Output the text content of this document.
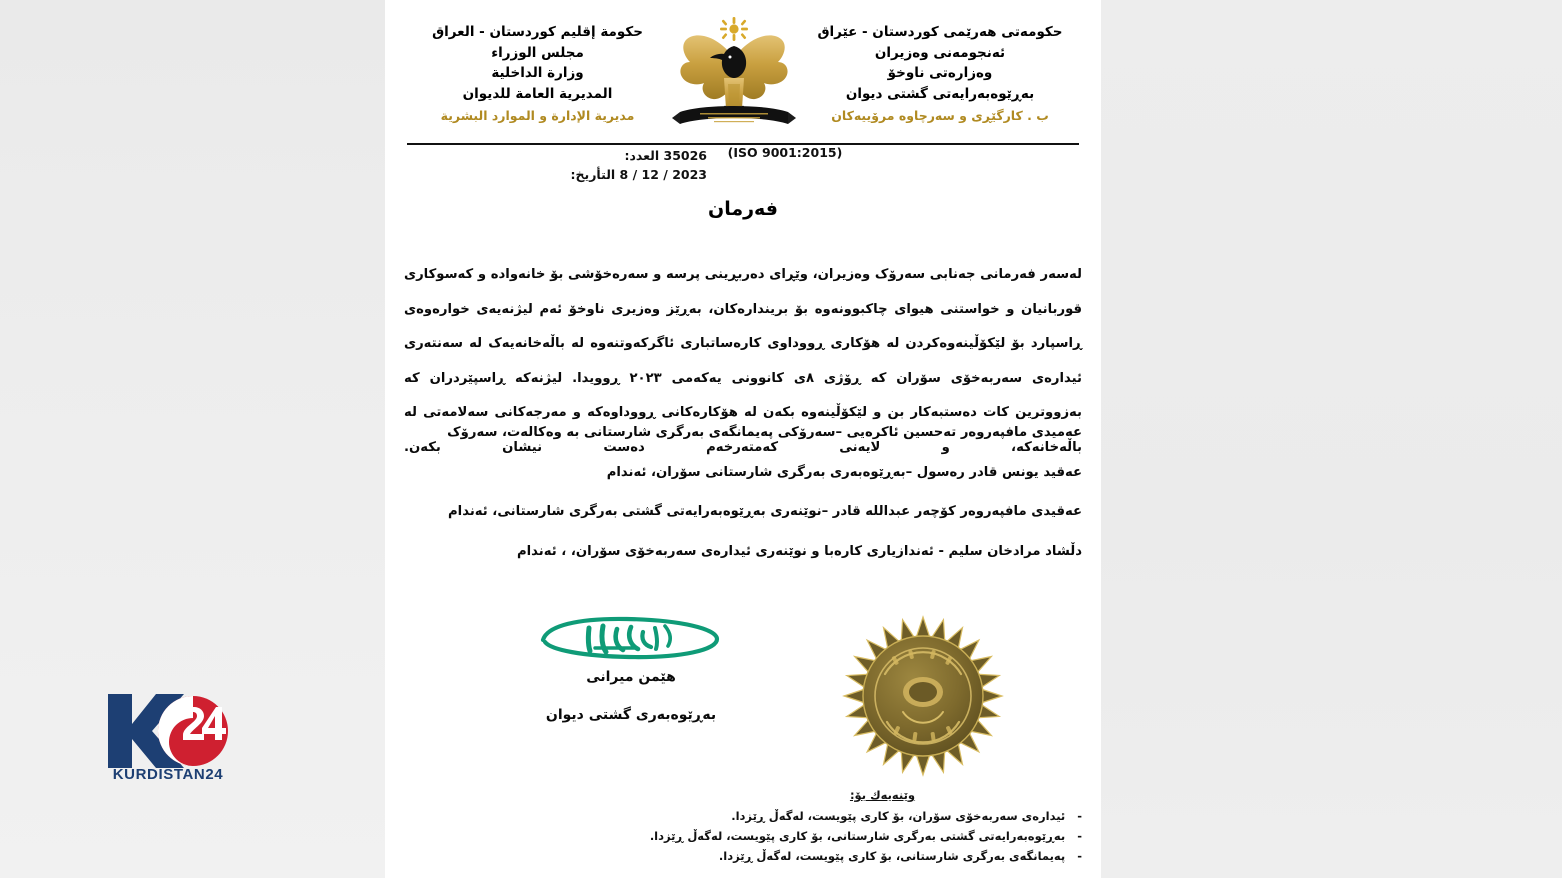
حكومة إقليم كوردستان - العراق
مجلس الوزراء
وزارة الداخلية
المديرية العامة للديوان
مديرية الإدارة و الموارد البشرية
حکومەتی هەرێمی کوردستان - عێراق
ئەنجومەنی وەزیران
وەزارەتی ناوخۆ
بەڕێوەبەرایەتی گشتی دیوان
ب . کارگێڕی و سەرچاوە مرۆییەکان
35026 العدد:
2023 / 12 / 8 التأريخ:
(ISO 9001:2015)
فەرمان

لەسەر فەرمانی جەنابی سەرۆک وەزیران، وێڕای دەربڕینی پرسە و سەرەخۆشی بۆ خانەوادە و کەسوکاری قوربانیان و خواستنی هیوای چاکبوونەوە بۆ بریندارەکان، بەڕێز وەزیری ناوخۆ ئەم لیژنەیەی خوارەوەی ڕاسپارد بۆ لێکۆڵینەوەکردن لە هۆکاری ڕووداوی کارەساتباری ئاگرکەوتنەوە لە باڵەخانەیەک لە سەنتەری ئیدارەی سەربەخۆی سۆران کە ڕۆژی ٨ی کانوونی یەکەمی ٢٠٢٣ ڕوویدا. لیژنەکە ڕاسپێردران کە بەزووترین کات دەستبەکار بن و لێکۆڵینەوە بکەن لە هۆکارەکانی ڕووداوەکە و مەرجەکانی سەلامەتی لە باڵەخانەکە، و لایەنی کەمتەرخەم دەست نیشان بکەن.

عەمیدی مافپەروەر تەحسین ئاکرەیی –سەرۆکی پەیمانگەی بەرگری شارستانی بە وەکالەت، سەرۆک

عەقید یونس قادر رەسول –بەڕێوەبەری بەرگری شارستانی سۆران، ئەندام

عەقیدی مافپەروەر کۆچەر عبدالله قادر –نوێنەری بەڕێوەبەرایەتی گشتی بەرگری شارستانی، ئەندام

دڵشاد مرادخان سلیم - ئەندازیاری کارەبا و نوێنەری ئیدارەی سەربەخۆی سۆران، ، ئەندام

هێمن میرانی
بەڕێوەبەری گشتی دیوان
وێنەیەك بۆ:
-
ئیدارەی سەربەخۆی سۆران، بۆ کاری پێویست، لەگەڵ ڕێزدا.
-
بەڕێوەبەرایەتی گشتی بەرگری شارستانی، بۆ کاری پێویست، لەگەڵ ڕێزدا.
-
پەیمانگەی بەرگری شارستانی، بۆ کاری پێویست، لەگەڵ ڕێزدا.
KURDISTAN24
